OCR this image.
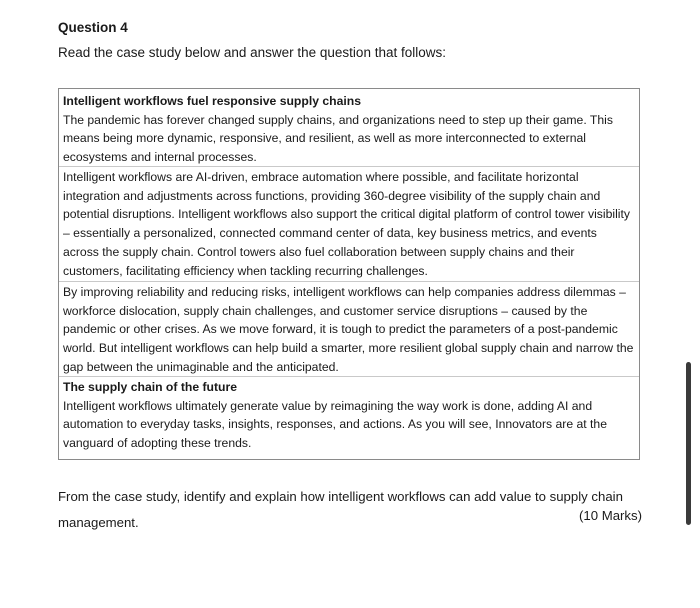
Question 4
Read the case study below and answer the question that follows:

Intelligent workflows fuel responsive supply chains
The pandemic has forever changed supply chains, and organizations need to step up their game. This means being more dynamic, responsive, and resilient, as well as more interconnected to external ecosystems and internal processes.

Intelligent workflows are AI-driven, embrace automation where possible, and facilitate horizontal integration and adjustments across functions, providing 360-degree visibility of the supply chain and potential disruptions. Intelligent workflows also support the critical digital platform of control tower visibility – essentially a personalized, connected command center of data, key business metrics, and events across the supply chain. Control towers also fuel collaboration between supply chains and their customers, facilitating efficiency when tackling recurring challenges.

By improving reliability and reducing risks, intelligent workflows can help companies address dilemmas – workforce dislocation, supply chain challenges, and customer service disruptions – caused by the pandemic or other crises. As we move forward, it is tough to predict the parameters of a post-pandemic world. But intelligent workflows can help build a smarter, more resilient global supply chain and narrow the gap between the unimaginable and the anticipated.

The supply chain of the future
Intelligent workflows ultimately generate value by reimagining the way work is done, adding AI and automation to everyday tasks, insights, responses, and actions. As you will see, Innovators are at the vanguard of adopting these trends.

From the case study, identify and explain how intelligent workflows can add value to supply chain management.	(10 Marks)
